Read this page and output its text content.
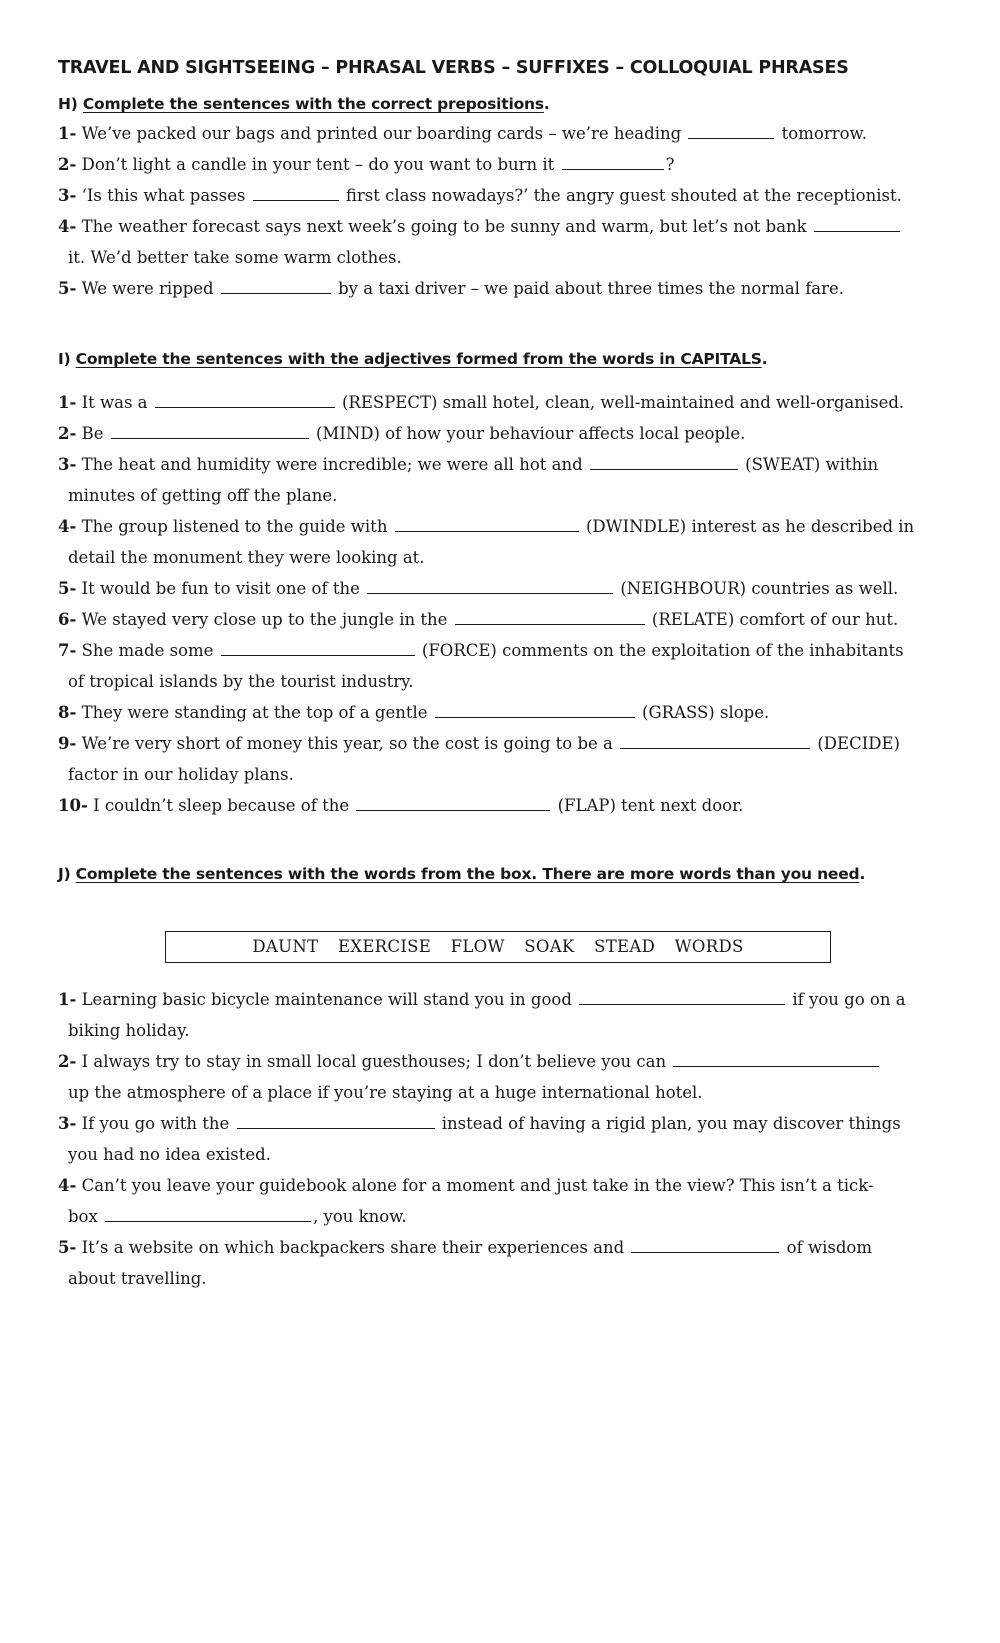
TRAVEL AND SIGHTSEEING – PHRASAL VERBS – SUFFIXES – COLLOQUIAL PHRASES
H) Complete the sentences with the correct prepositions.
1- We’ve packed our bags and printed our boarding cards – we’re heading	tomorrow.
2- Don’t light a candle in your tent – do you want to burn it	?
3- ‘Is this what passes	first class nowadays?’ the angry guest shouted at the receptionist.
4- The weather forecast says next week’s going to be sunny and warm, but let’s not bank
it. We’d better take some warm clothes.
5- We were ripped	by a taxi driver – we paid about three times the normal fare.
I) Complete the sentences with the adjectives formed from the words in CAPITALS.
1- It was a	(RESPECT) small hotel, clean, well-maintained and well-organised.
2- Be	(MIND) of how your behaviour affects local people.
3- The heat and humidity were incredible; we were all hot and	(SWEAT) within
minutes of getting off the plane.
4- The group listened to the guide with	(DWINDLE) interest as he described in
detail the monument they were looking at.
5- It would be fun to visit one of the	(NEIGHBOUR) countries as well.
6- We stayed very close up to the jungle in the	(RELATE) comfort of our hut.
7- She made some	(FORCE) comments on the exploitation of the inhabitants
of tropical islands by the tourist industry.
8- They were standing at the top of a gentle	(GRASS) slope.
9- We’re very short of money this year, so the cost is going to be a	(DECIDE)
factor in our holiday plans.
10- I couldn’t sleep because of the	(FLAP) tent next door.
J) Complete the sentences with the words from the box. There are more words than you need.
DAUNT EXERCISE FLOW SOAK STEAD WORDS
1- Learning basic bicycle maintenance will stand you in good	if you go on a
biking holiday.
2- I always try to stay in small local guesthouses; I don’t believe you can
up the atmosphere of a place if you’re staying at a huge international hotel.
3- If you go with the	instead of having a rigid plan, you may discover things
you had no idea existed.
4- Can’t you leave your guidebook alone for a moment and just take in the view? This isn’t a tick-
box	, you know.
5- It’s a website on which backpackers share their experiences and	of wisdom
about travelling.
